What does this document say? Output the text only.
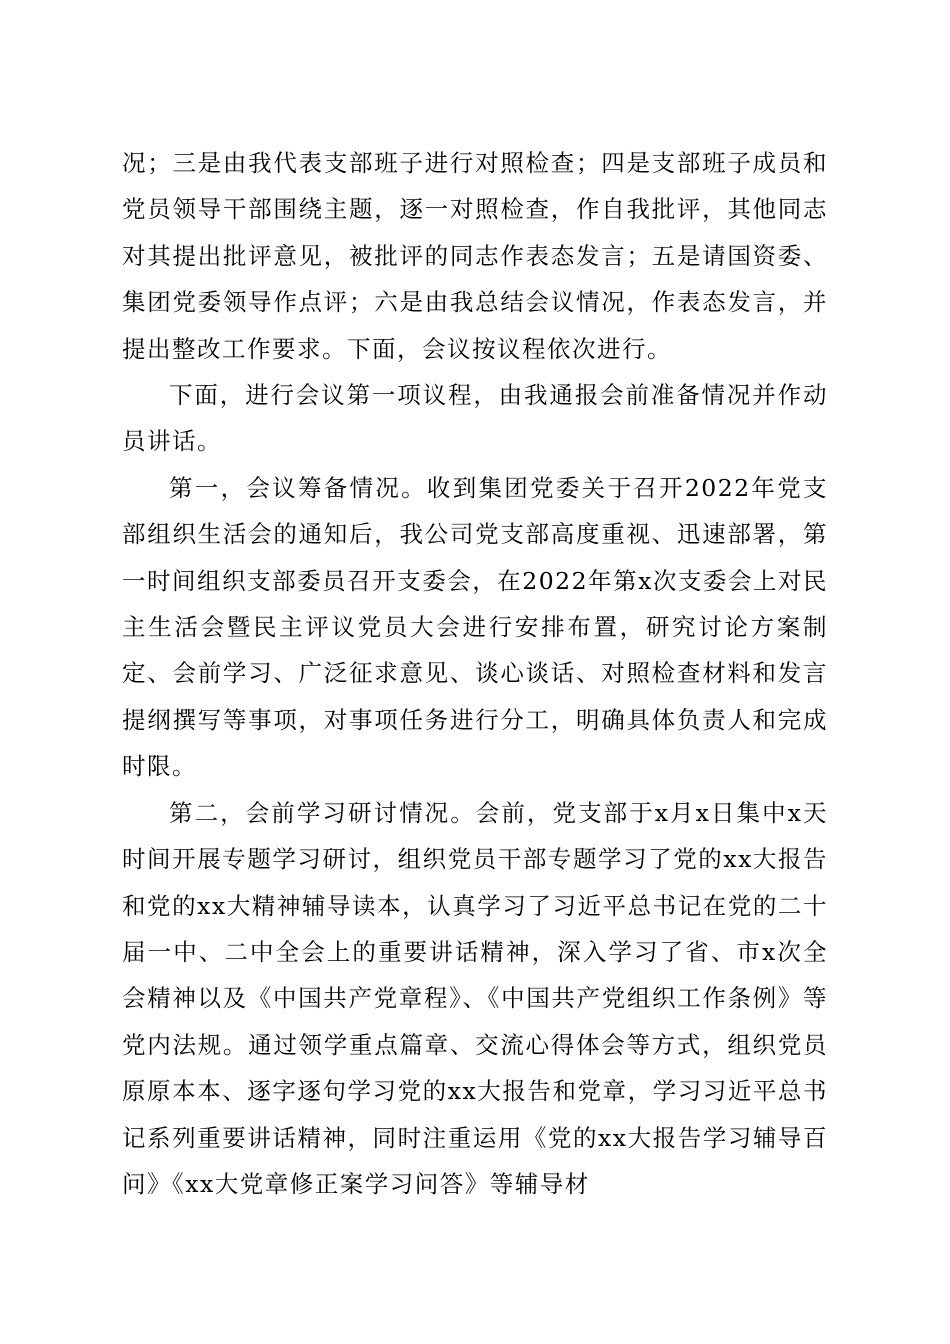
况；三是由我代表支部班子进行对照检查；四是支部班子成员和党员领导干部围绕主题，逐一对照检查，作自我批评，其他同志对其提出批评意见，被批评的同志作表态发言；五是请国资委、集团党委领导作点评；六是由我总结会议情况，作表态发言，并提出整改工作要求。下面，会议按议程依次进行。

下面，进行会议第一项议程，由我通报会前准备情况并作动员讲话。

第一，会议筹备情况。收到集团党委关于召开2022年党支部组织生活会的通知后，我公司党支部高度重视、迅速部署，第一时间组织支部委员召开支委会，在2022年第x次支委会上对民主生活会暨民主评议党员大会进行安排布置，研究讨论方案制定、会前学习、广泛征求意见、谈心谈话、对照检查材料和发言提纲撰写等事项，对事项任务进行分工，明确具体负责人和完成时限。

第二，会前学习研讨情况。会前，党支部于x月x日集中x天时间开展专题学习研讨，组织党员干部专题学习了党的xx大报告和党的xx大精神辅导读本，认真学习了习近平总书记在党的二十届一中、二中全会上的重要讲话精神，深入学习了省、市x次全会精神以及《中国共产党章程》、《中国共产党组织工作条例》等党内法规。通过领学重点篇章、交流心得体会等方式，组织党员原原本本、逐字逐句学习党的xx大报告和党章，学习习近平总书记系列重要讲话精神，同时注重运用《党的xx大报告学习辅导百问》《xx大党章修正案学习问答》等辅导材
